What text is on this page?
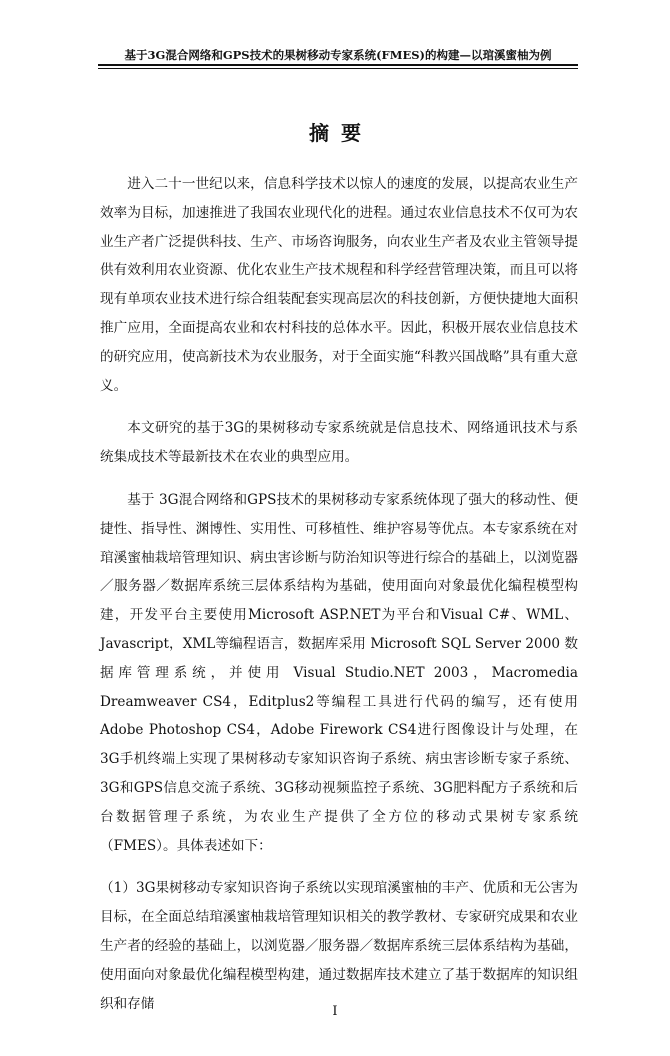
基于3G混合网络和GPS技术的果树移动专家系统(FMES)的构建—以琯溪蜜柚为例
摘要

进入二十一世纪以来，信息科学技术以惊人的速度的发展，以提高农业生产效率为目标，加速推进了我国农业现代化的进程。通过农业信息技术不仅可为农业生产者广泛提供科技、生产、市场咨询服务，向农业生产者及农业主管领导提供有效利用农业资源、优化农业生产技术规程和科学经营管理决策，而且可以将现有单项农业技术进行综合组装配套实现高层次的科技创新，方便快捷地大面积推广应用，全面提高农业和农村科技的总体水平。因此，积极开展农业信息技术的研究应用，使高新技术为农业服务，对于全面实施“科教兴国战略”具有重大意义。

本文研究的基于3G的果树移动专家系统就是信息技术、网络通讯技术与系统集成技术等最新技术在农业的典型应用。

基于 3G混合网络和GPS技术的果树移动专家系统体现了强大的移动性、便捷性、指导性、渊博性、实用性、可移植性、维护容易等优点。本专家系统在对琯溪蜜柚栽培管理知识、病虫害诊断与防治知识等进行综合的基础上，以浏览器／服务器／数据库系统三层体系结构为基础，使用面向对象最优化编程模型构建，开发平台主要使用Microsoft ASP.NET为平台和Visual C#、WML、Javascript，XML等编程语言，数据库采用 Microsoft SQL Server 2000 数据库管理系统，并使用 Visual Studio.NET 2003，Macromedia Dreamweaver CS4，Editplus2等编程工具进行代码的编写，还有使用Adobe Photoshop CS4，Adobe Firework CS4进行图像设计与处理，在3G手机终端上实现了果树移动专家知识咨询子系统、病虫害诊断专家子系统、3G和GPS信息交流子系统、3G移动视频监控子系统、3G肥料配方子系统和后台数据管理子系统，为农业生产提供了全方位的移动式果树专家系统（FMES）。具体表述如下：

（1）3G果树移动专家知识咨询子系统以实现琯溪蜜柚的丰产、优质和无公害为目标，在全面总结琯溪蜜柚栽培管理知识相关的教学教材、专家研究成果和农业生产者的经验的基础上，以浏览器／服务器／数据库系统三层体系结构为基础，使用面向对象最优化编程模型构建，通过数据库技术建立了基于数据库的知识组织和存储	I
